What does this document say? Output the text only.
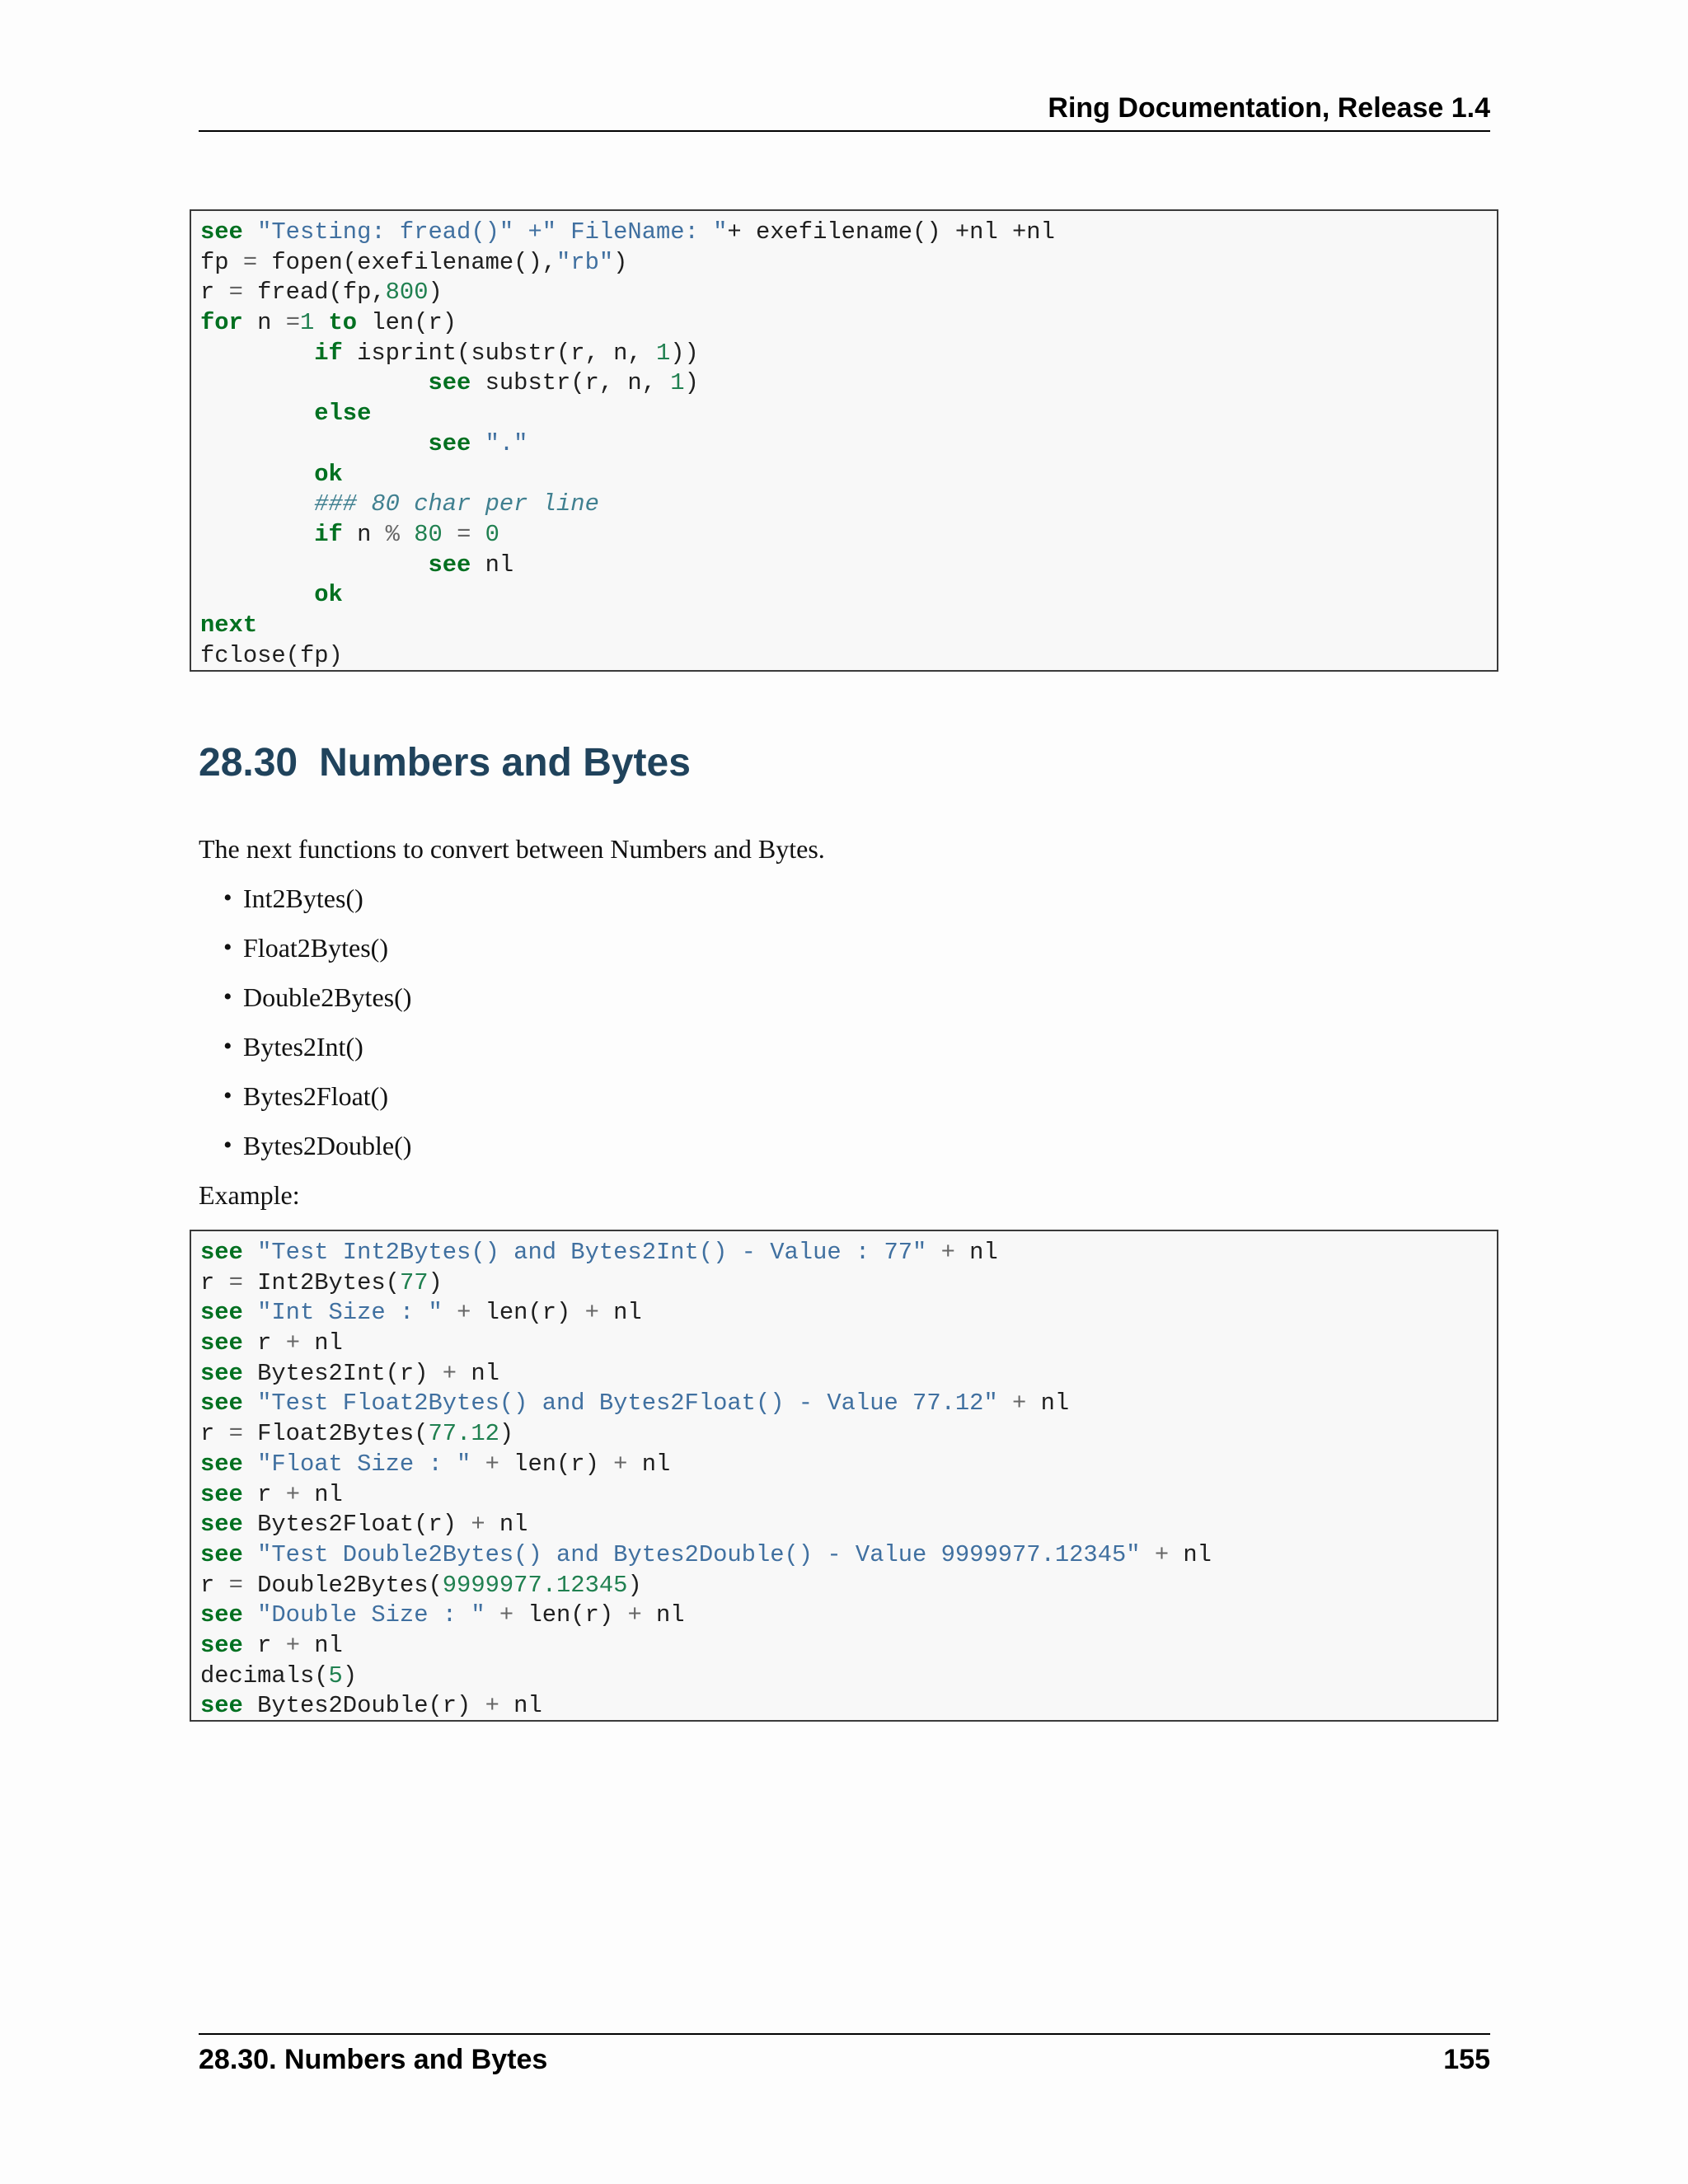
Ring Documentation, Release 1.4
see "Testing: fread()" +" FileName: "+ exefilename() +nl +nl
fp = fopen(exefilename(),"rb")
r = fread(fp,800)
for n =1 to len(r)
if isprint(substr(r, n, 1))
see substr(r, n, 1)
else
see "."
ok
### 80 char per line
if n % 80 = 0
see nl
ok
next
fclose(fp)
28.30 Numbers and Bytes
The next functions to convert between Numbers and Bytes.
• Int2Bytes()
• Float2Bytes()
• Double2Bytes()
• Bytes2Int()
• Bytes2Float()
• Bytes2Double()
Example:
see "Test Int2Bytes() and Bytes2Int() - Value : 77" + nl
r = Int2Bytes(77)
see "Int Size : " + len(r) + nl
see r + nl
see Bytes2Int(r) + nl
see "Test Float2Bytes() and Bytes2Float() - Value 77.12" + nl
r = Float2Bytes(77.12)
see "Float Size : " + len(r) + nl
see r + nl
see Bytes2Float(r) + nl
see "Test Double2Bytes() and Bytes2Double() - Value 9999977.12345" + nl
r = Double2Bytes(9999977.12345)
see "Double Size : " + len(r) + nl
see r + nl
decimals(5)
see Bytes2Double(r) + nl
28.30. Numbers and Bytes	155
